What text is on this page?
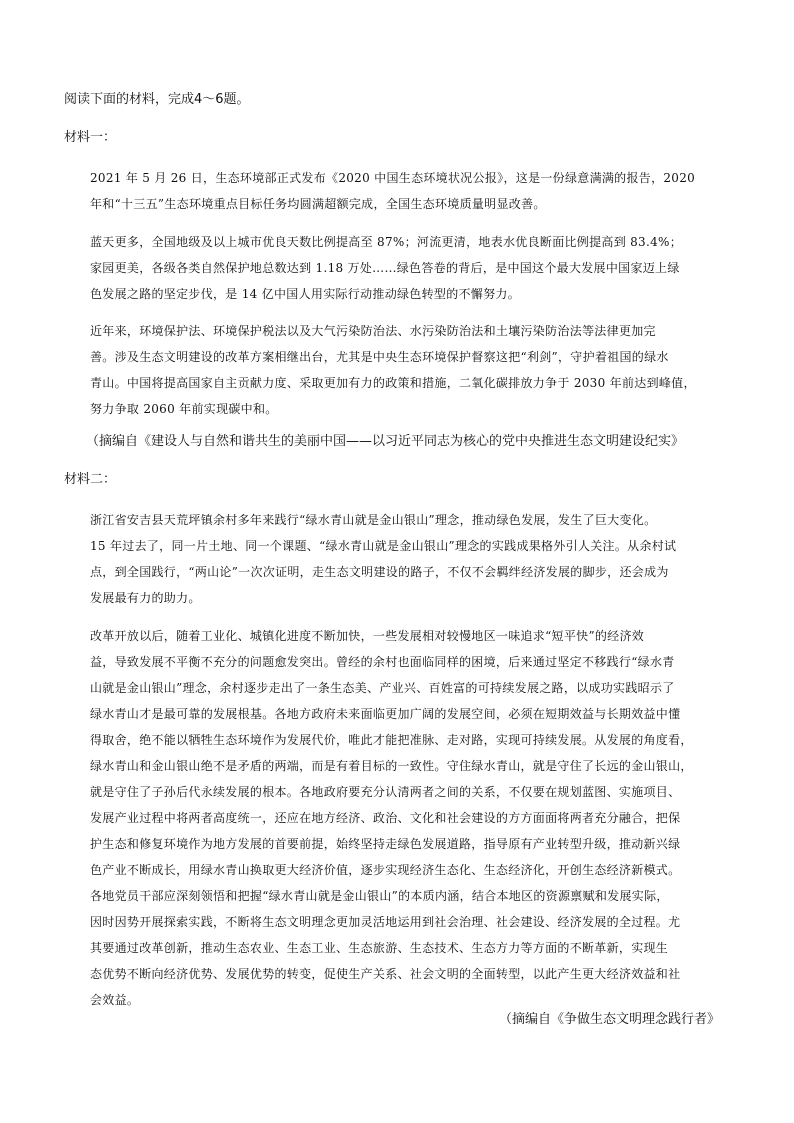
阅读下面的材料，完成4～6题。
材料一：

2021 年 5 月 26 日，生态环境部正式发布《2020 中国生态环境状况公报》，这是一份绿意满满的报告，2020
年和“十三五”生态环境重点目标任务均圆满超额完成，全国生态环境质量明显改善。

蓝天更多，全国地级及以上城市优良天数比例提高至 87%；河流更清，地表水优良断面比例提高到 83.4%；
家园更美，各级各类自然保护地总数达到 1.18 万处……绿色答卷的背后，是中国这个最大发展中国家迈上绿
色发展之路的坚定步伐，是 14 亿中国人用实际行动推动绿色转型的不懈努力。

近年来，环境保护法、环境保护税法以及大气污染防治法、水污染防治法和土壤污染防治法等法律更加完
善。涉及生态文明建设的改革方案相继出台，尤其是中央生态环境保护督察这把“利剑”，守护着祖国的绿水
青山。中国将提高国家自主贡献力度、采取更加有力的政策和措施，二氧化碳排放力争于 2030 年前达到峰值，
努力争取 2060 年前实现碳中和。

（摘编自《建设人与自然和谐共生的美丽中国——以习近平同志为核心的党中央推进生态文明建设纪实》
材料二：

浙江省安吉县天荒坪镇余村多年来践行“绿水青山就是金山银山”理念，推动绿色发展，发生了巨大变化。
15 年过去了，同一片土地、同一个课题、“绿水青山就是金山银山”理念的实践成果格外引人关注。从余村试
点，到全国践行，“两山论”一次次证明，走生态文明建设的路子，不仅不会羁绊经济发展的脚步，还会成为
发展最有力的助力。

改革开放以后，随着工业化、城镇化进度不断加快，一些发展相对较慢地区一味追求“短平快”的经济效
益，导致发展不平衡不充分的问题愈发突出。曾经的余村也面临同样的困境，后来通过坚定不移践行“绿水青
山就是金山银山”理念，余村逐步走出了一条生态美、产业兴、百姓富的可持续发展之路，以成功实践昭示了
绿水青山才是最可靠的发展根基。各地方政府未来面临更加广阔的发展空间，必须在短期效益与长期效益中懂
得取舍，绝不能以牺牲生态环境作为发展代价，唯此才能把准脉、走对路，实现可持续发展。从发展的角度看，
绿水青山和金山银山绝不是矛盾的两端，而是有着目标的一致性。守住绿水青山，就是守住了长远的金山银山，
就是守住了子孙后代永续发展的根本。各地政府要充分认清两者之间的关系，不仅要在规划蓝图、实施项目、
发展产业过程中将两者高度统一，还应在地方经济、政治、文化和社会建设的方方面面将两者充分融合，把保
护生态和修复环境作为地方发展的首要前提，始终坚持走绿色发展道路，指导原有产业转型升级，推动新兴绿
色产业不断成长，用绿水青山换取更大经济价值，逐步实现经济生态化、生态经济化，开创生态经济新模式。
各地党员干部应深刻领悟和把握“绿水青山就是金山银山”的本质内涵，结合本地区的资源禀赋和发展实际，
因时因势开展探索实践，不断将生态文明理念更加灵活地运用到社会治理、社会建设、经济发展的全过程。尤
其要通过改革创新，推动生态农业、生态工业、生态旅游、生态技术、生态方力等方面的不断革新，实现生
态优势不断向经济优势、发展优势的转变，促使生产关系、社会文明的全面转型，以此产生更大经济效益和社
会效益。

（摘编自《争做生态文明理念践行者》
